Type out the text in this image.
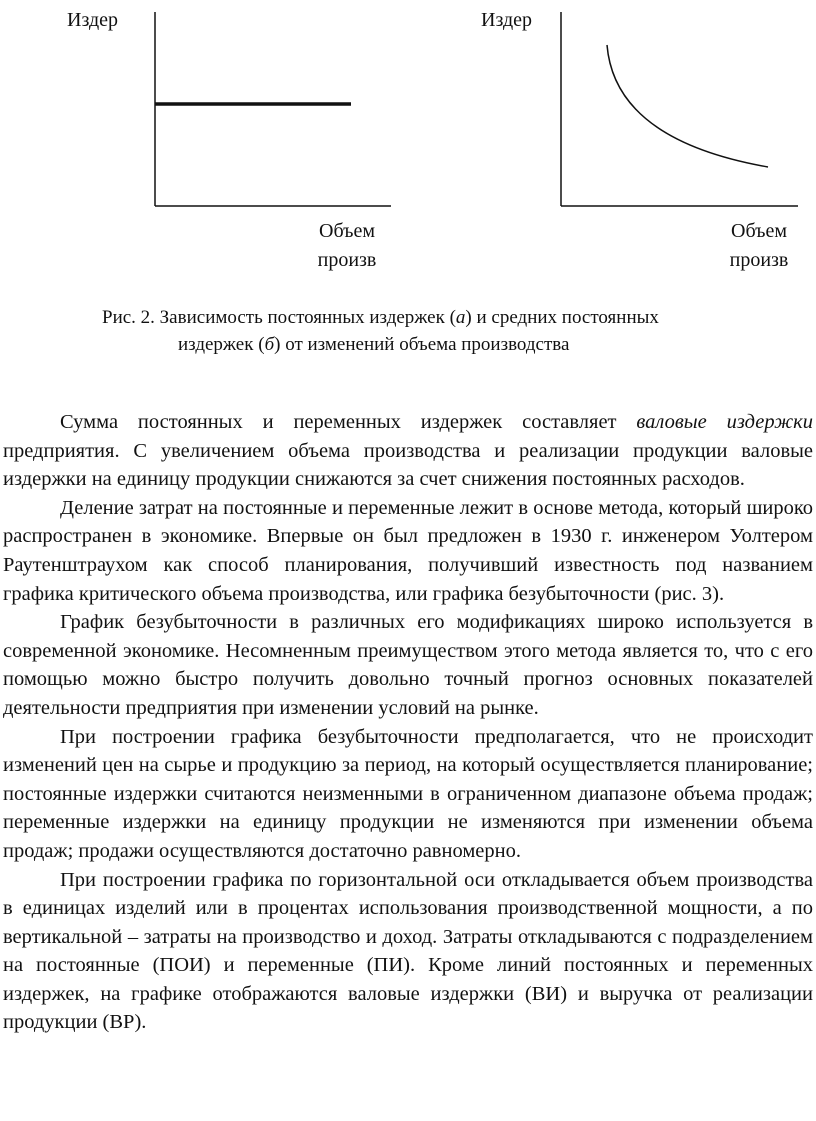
Издер	Издер
Объем
произв
Объем
произв
Рис. 2. Зависимость постоянных издержек (а) и средних постоянных
издержек (б) от изменений объема производства

Сумма постоянных и переменных издержек составляет валовые издержки предприятия. С увеличением объема производства и реализации продукции валовые издержки на единицу продукции снижаются за счет снижения постоянных расходов.

Деление затрат на постоянные и переменные лежит в основе метода, который широко распространен в экономике. Впервые он был предложен в 1930 г. инженером Уолтером Раутенштраухом как способ планирования, получивший известность под названием графика критического объема производства, или графика безубыточности (рис. 3).

График безубыточности в различных его модификациях широко используется в современной экономике. Несомненным преимуществом этого метода является то, что с его помощью можно быстро получить довольно точный прогноз основных показателей деятельности предприятия при изменении условий на рынке.

При построении графика безубыточности предполагается, что не происходит изменений цен на сырье и продукцию за период, на который осуществляется планирование; постоянные издержки считаются неизменными в ограниченном диапазоне объема продаж; переменные издержки на единицу продукции не изменяются при изменении объема продаж; продажи осуществляются достаточно равномерно.

При построении графика по горизонтальной оси откладывается объем производства в единицах изделий или в процентах использования производственной мощности, а по вертикальной – затраты на производство и доход. Затраты откладываются с подразделением на постоянные (ПОИ) и переменные (ПИ). Кроме линий постоянных и переменных издержек, на графике отображаются валовые издержки (ВИ) и выручка от реализации продукции (ВР).
